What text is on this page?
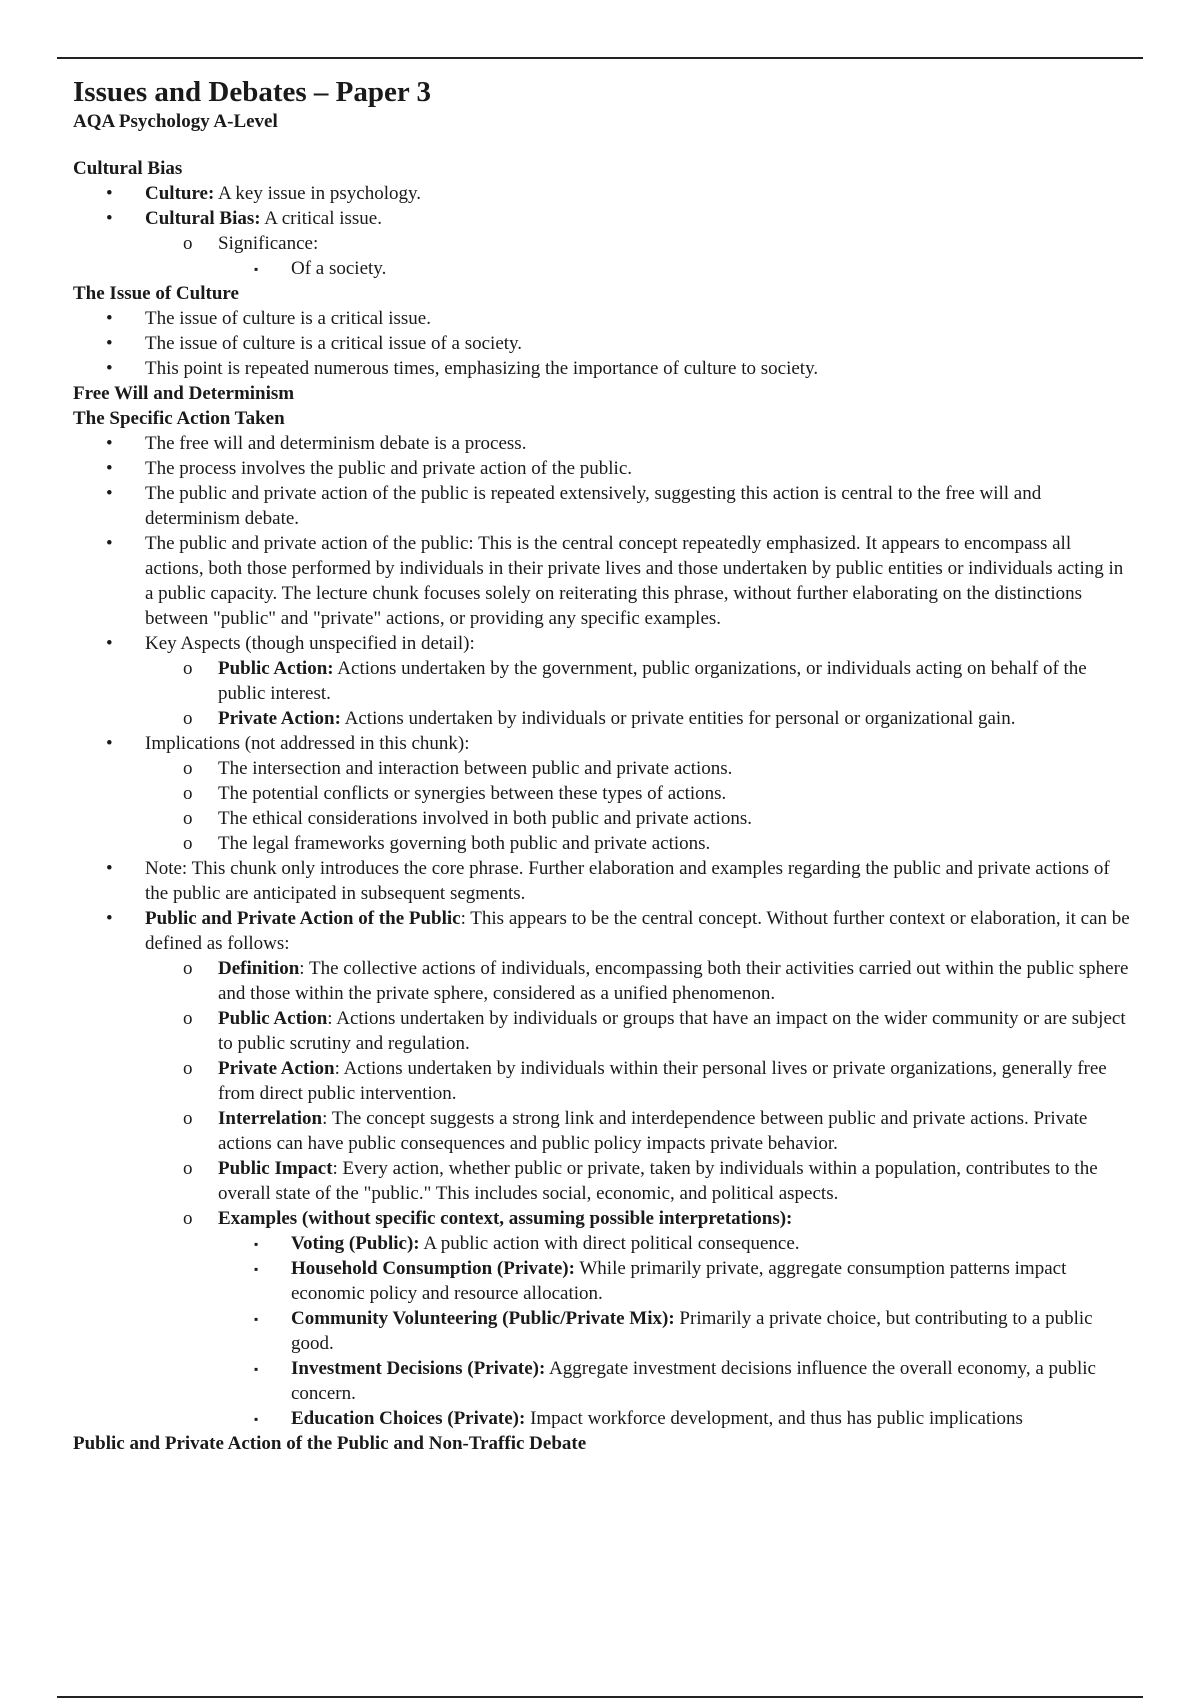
Issues and Debates – Paper 3
AQA Psychology A-Level
Cultural Bias
• Culture: A key issue in psychology.
• Cultural Bias: A critical issue.
o Significance:
▪ Of a society.
The Issue of Culture
• The issue of culture is a critical issue.
• The issue of culture is a critical issue of a society.
• This point is repeated numerous times, emphasizing the importance of culture to society.
Free Will and Determinism
The Specific Action Taken
• The free will and determinism debate is a process.
• The process involves the public and private action of the public.
• The public and private action of the public is repeated extensively, suggesting this action is central to the free will and determinism debate.
• The public and private action of the public: This is the central concept repeatedly emphasized. It appears to encompass all actions, both those performed by individuals in their private lives and those undertaken by public entities or individuals acting in a public capacity. The lecture chunk focuses solely on reiterating this phrase, without further elaborating on the distinctions between "public" and "private" actions, or providing any specific examples.
• Key Aspects (though unspecified in detail):
o Public Action: Actions undertaken by the government, public organizations, or individuals acting on behalf of the public interest.
o Private Action: Actions undertaken by individuals or private entities for personal or organizational gain.
• Implications (not addressed in this chunk):
o The intersection and interaction between public and private actions.
o The potential conflicts or synergies between these types of actions.
o The ethical considerations involved in both public and private actions.
o The legal frameworks governing both public and private actions.
• Note: This chunk only introduces the core phrase. Further elaboration and examples regarding the public and private actions of the public are anticipated in subsequent segments.
• Public and Private Action of the Public: This appears to be the central concept. Without further context or elaboration, it can be defined as follows:
o Definition: The collective actions of individuals, encompassing both their activities carried out within the public sphere and those within the private sphere, considered as a unified phenomenon.
o Public Action: Actions undertaken by individuals or groups that have an impact on the wider community or are subject to public scrutiny and regulation.
o Private Action: Actions undertaken by individuals within their personal lives or private organizations, generally free from direct public intervention.
o Interrelation: The concept suggests a strong link and interdependence between public and private actions. Private actions can have public consequences and public policy impacts private behavior.
o Public Impact: Every action, whether public or private, taken by individuals within a population, contributes to the overall state of the "public." This includes social, economic, and political aspects.
o Examples (without specific context, assuming possible interpretations):
▪ Voting (Public): A public action with direct political consequence.
▪ Household Consumption (Private): While primarily private, aggregate consumption patterns impact economic policy and resource allocation.
▪ Community Volunteering (Public/Private Mix): Primarily a private choice, but contributing to a public good.
▪ Investment Decisions (Private): Aggregate investment decisions influence the overall economy, a public concern.
▪ Education Choices (Private): Impact workforce development, and thus has public implications
Public and Private Action of the Public and Non-Traffic Debate
